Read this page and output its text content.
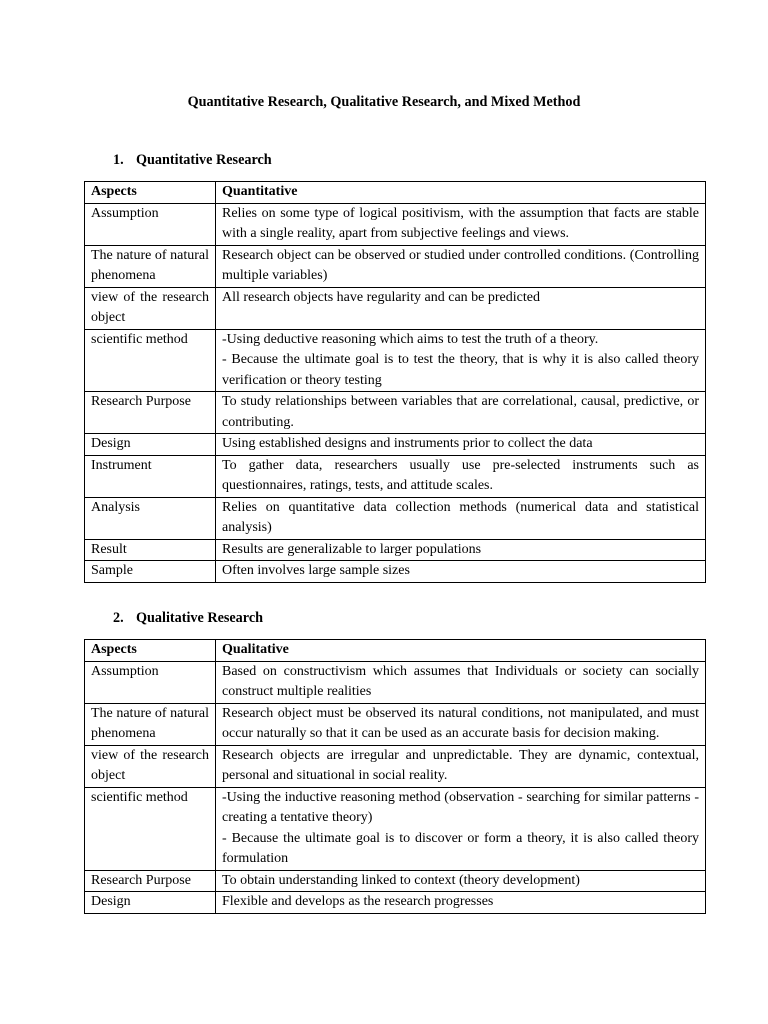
Quantitative Research, Qualitative Research, and Mixed Method
1. Quantitative Research
Aspects	Quantitative
Assumption	Relies on some type of logical positivism, with the assumption that facts are stable with a single reality, apart from subjective feelings and views.

The nature of natural phenomena	Research object can be observed or studied under controlled conditions. (Controlling multiple variables)

view of the research object	All research objects have regularity and can be predicted

scientific method	-Using deductive reasoning which aims to test the truth of a theory.
- Because the ultimate goal is to test the theory, that is why it is also called theory verification or theory testing

Research Purpose	To study relationships between variables that are correlational, causal, predictive, or contributing.

Design	Using established designs and instruments prior to collect the data

Instrument	To gather data, researchers usually use pre-selected instruments such as questionnaires, ratings, tests, and attitude scales.

Analysis	Relies on quantitative data collection methods (numerical data and statistical analysis)

Result	Results are generalizable to larger populations

Sample	Often involves large sample sizes
2. Qualitative Research
Aspects	Qualitative
Assumption	Based on constructivism which assumes that Individuals or society can socially construct multiple realities

The nature of natural phenomena	Research object must be observed its natural conditions, not manipulated, and must occur naturally so that it can be used as an accurate basis for decision making.

view of the research object	Research objects are irregular and unpredictable. They are dynamic, contextual, personal and situational in social reality.

scientific method	-Using the inductive reasoning method (observation - searching for similar patterns - creating a tentative theory)
- Because the ultimate goal is to discover or form a theory, it is also called theory formulation

Research Purpose	To obtain understanding linked to context (theory development)

Design	Flexible and develops as the research progresses
